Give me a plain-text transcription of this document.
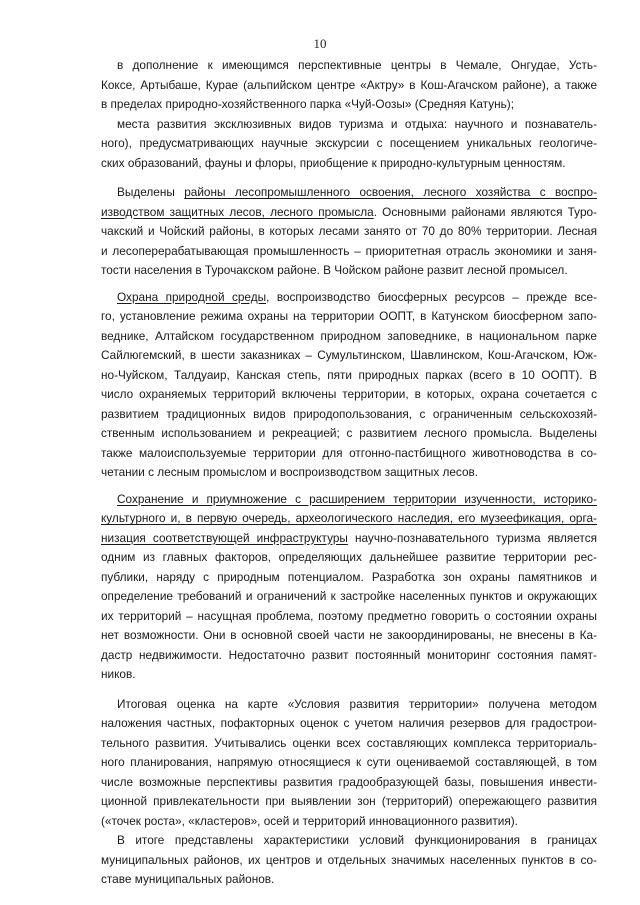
10
в дополнение к имеющимся перспективные центры в Чемале, Онгудае, Усть-
Коксе, Артыбаше, Курае (альпийском центре «Актру» в Кош-Агачском районе), а также
в пределах природно-хозяйственного парка «Чуй-Оозы» (Средняя Катунь);
места развития эксклюзивных видов туризма и отдыха: научного и познаватель-
ного), предусматривающих научные экскурсии с посещением уникальных геологиче-
ских образований, фауны и флоры, приобщение к природно-культурным ценностям.
Выделены районы лесопромышленного освоения, лесного хозяйства с воспро-
изводством защитных лесов, лесного промысла. Основными районами являются Туро-
чакский и Чойский районы, в которых лесами занято от 70 до 80% территории. Лесная
и лесоперерабатывающая промышленность – приоритетная отрасль экономики и заня-
тости населения в Турочакском районе. В Чойском районе развит лесной промысел.
Охрана природной среды, воспроизводство биосферных ресурсов – прежде все-
го, установление режима охраны на территории ООПТ, в Катунском биосферном запо-
веднике, Алтайском государственном природном заповеднике, в национальном парке
Сайлюгемский, в шести заказниках – Сумультинском, Шавлинском, Кош-Агачском, Юж-
но-Чуйском, Талдуаир, Канская степь, пяти природных парках (всего в 10 ООПТ). В
число охраняемых территорий включены территории, в которых, охрана сочетается с
развитием традиционных видов природопользования, с ограниченным сельскохозяй-
ственным использованием и рекреацией; с развитием лесного промысла. Выделены
также малоиспользуемые территории для отгонно-пастбищного животноводства в со-
четании с лесным промыслом и воспроизводством защитных лесов.
Сохранение и приумножение с расширением территории изученности, историко-
культурного и, в первую очередь, археологического наследия, его музеефикация, орга-
низация соответствующей инфраструктуры научно-познавательного туризма является
одним из главных факторов, определяющих дальнейшее развитие территории рес-
публики, наряду с природным потенциалом. Разработка зон охраны памятников и
определение требований и ограничений к застройке населенных пунктов и окружающих
их территорий – насущная проблема, поэтому предметно говорить о состоянии охраны
нет возможности. Они в основной своей части не закоординированы, не внесены в Ка-
дастр недвижимости. Недостаточно развит постоянный мониторинг состояния памят-
ников.
Итоговая оценка на карте «Условия развития территории» получена методом
наложения частных, пофакторных оценок с учетом наличия резервов для градострои-
тельного развития. Учитывались оценки всех составляющих комплекса территориаль-
ного планирования, напрямую относящиеся к сути оцениваемой составляющей, в том
числе возможные перспективы развития градообразующей базы, повышения инвести-
ционной привлекательности при выявлении зон (территорий) опережающего развития
(«точек роста», «кластеров», осей и территорий инновационного развития).
В итоге представлены характеристики условий функционирования в границах
муниципальных районов, их центров и отдельных значимых населенных пунктов в со-
ставе муниципальных районов.
